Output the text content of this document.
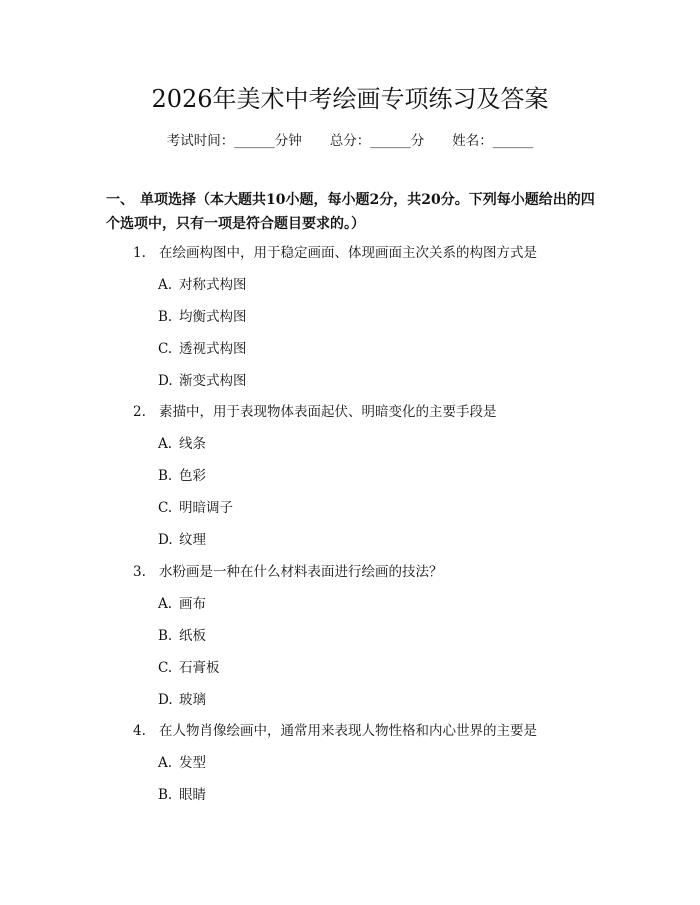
2026年美术中考绘画专项练习及答案
考试时间：______分钟 总分：______分 姓名：______
一、 单项选择（本大题共10小题，每小题2分，共20分。下列每小题给出的四个选项中，只有一项是符合题目要求的。）
1. 在绘画构图中，用于稳定画面、体现画面主次关系的构图方式是
A. 对称式构图
B. 均衡式构图
C. 透视式构图
D. 渐变式构图
2. 素描中，用于表现物体表面起伏、明暗变化的主要手段是
A. 线条
B. 色彩
C. 明暗调子
D. 纹理
3. 水粉画是一种在什么材料表面进行绘画的技法？
A. 画布
B. 纸板
C. 石膏板
D. 玻璃
4. 在人物肖像绘画中，通常用来表现人物性格和内心世界的主要是
A. 发型
B. 眼睛
